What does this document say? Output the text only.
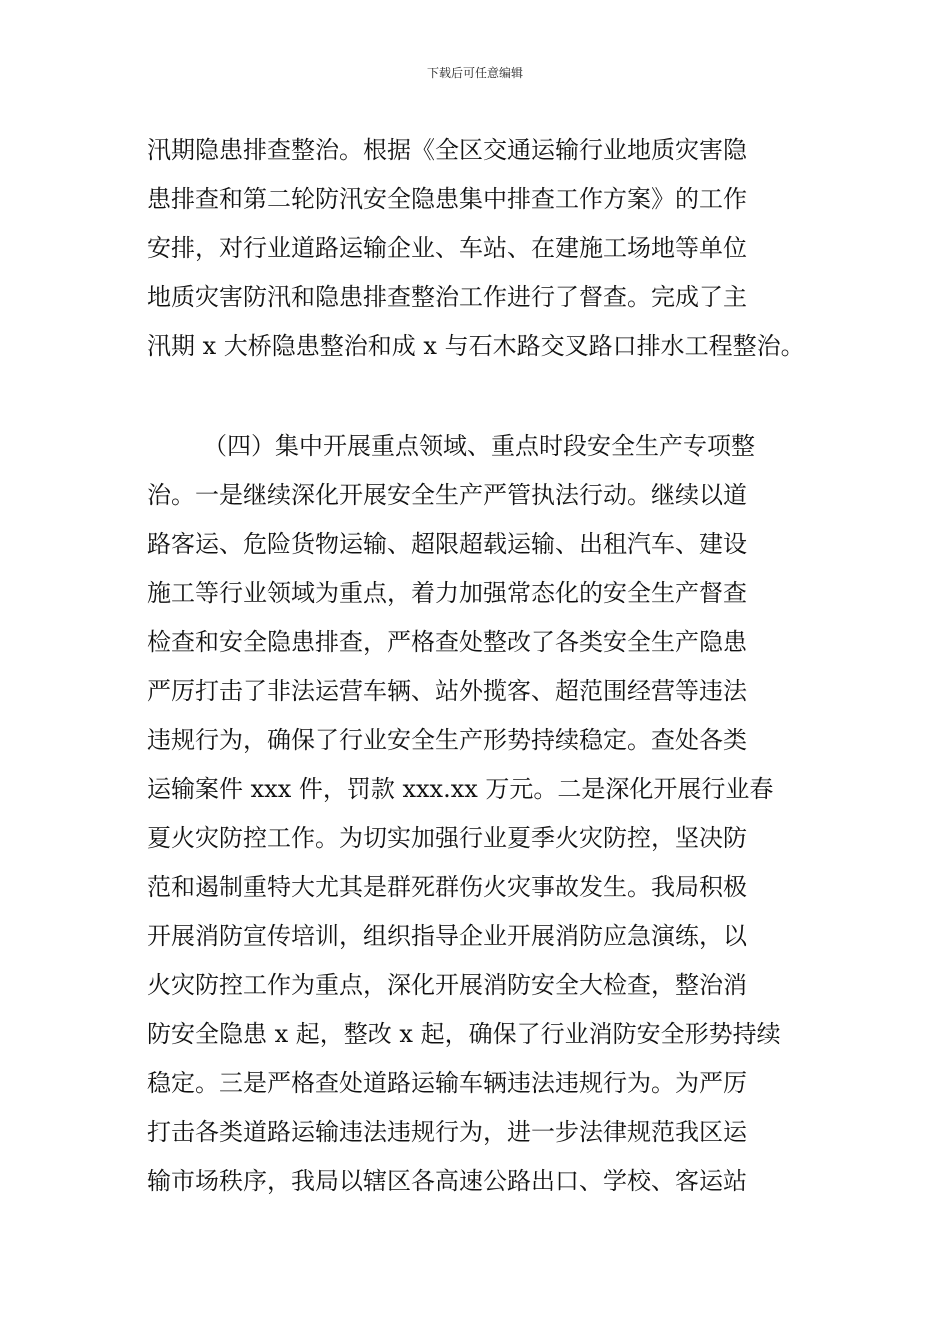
下载后可任意编辑
汛期隐患排查整治。根据《全区交通运输行业地质灾害隐
患排查和第二轮防汛安全隐患集中排查工作方案》的工作
安排，对行业道路运输企业、车站、在建施工场地等单位
地质灾害防汛和隐患排查整治工作进行了督查。完成了主
汛期 x 大桥隐患整治和成 x 与石木路交叉路口排水工程整治。
（四）集中开展重点领域、重点时段安全生产专项整
治。一是继续深化开展安全生产严管执法行动。继续以道
路客运、危险货物运输、超限超载运输、出租汽车、建设
施工等行业领域为重点，着力加强常态化的安全生产督查
检查和安全隐患排查，严格查处整改了各类安全生产隐患
严厉打击了非法运营车辆、站外揽客、超范围经营等违法
违规行为，确保了行业安全生产形势持续稳定。查处各类
运输案件 xxx 件，罚款 xxx.xx 万元。二是深化开展行业春
夏火灾防控工作。为切实加强行业夏季火灾防控，坚决防
范和遏制重特大尤其是群死群伤火灾事故发生。我局积极
开展消防宣传培训，组织指导企业开展消防应急演练，以
火灾防控工作为重点，深化开展消防安全大检查，整治消
防安全隐患 x 起，整改 x 起，确保了行业消防安全形势持续
稳定。三是严格查处道路运输车辆违法违规行为。为严厉
打击各类道路运输违法违规行为，进一步法律规范我区运
输市场秩序，我局以辖区各高速公路出口、学校、客运站
